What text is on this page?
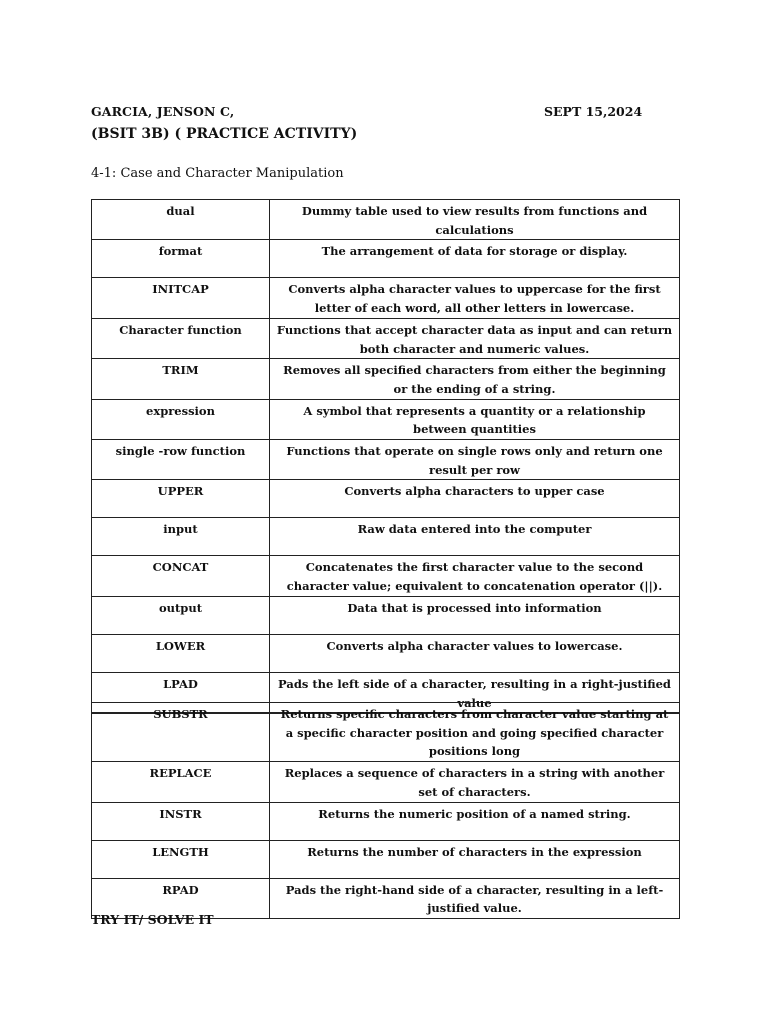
GARCIA, JENSON C,	SEPT 15,2024
(BSIT 3B) ( PRACTICE ACTIVITY)
4-1: Case and Character Manipulation
dual	Dummy table used to view results from functions and calculations
format	The arrangement of data for storage or display.
INITCAP	Converts alpha character values to uppercase for the first letter of each word, all other letters in lowercase.
Character function	Functions that accept character data as input and can return both character and numeric values.
TRIM	Removes all specified characters from either the beginning or the ending of a string.
expression	A symbol that represents a quantity or a relationship between quantities
single -row function	Functions that operate on single rows only and return one result per row
UPPER	Converts alpha characters to upper case
input	Raw data entered into the computer
CONCAT	Concatenates the first character value to the second character value; equivalent to concatenation operator (||).
output	Data that is processed into information
LOWER	Converts alpha character values to lowercase.
LPAD	Pads the left side of a character, resulting in a right-justified value
SUBSTR	Returns specific characters from character value starting at a specific character position and going specified character positions long
REPLACE	Replaces a sequence of characters in a string with another set of characters.
INSTR	Returns the numeric position of a named string.
LENGTH	Returns the number of characters in the expression
RPAD	Pads the right-hand side of a character, resulting in a left- justified value.
TRY IT/ SOLVE IT
